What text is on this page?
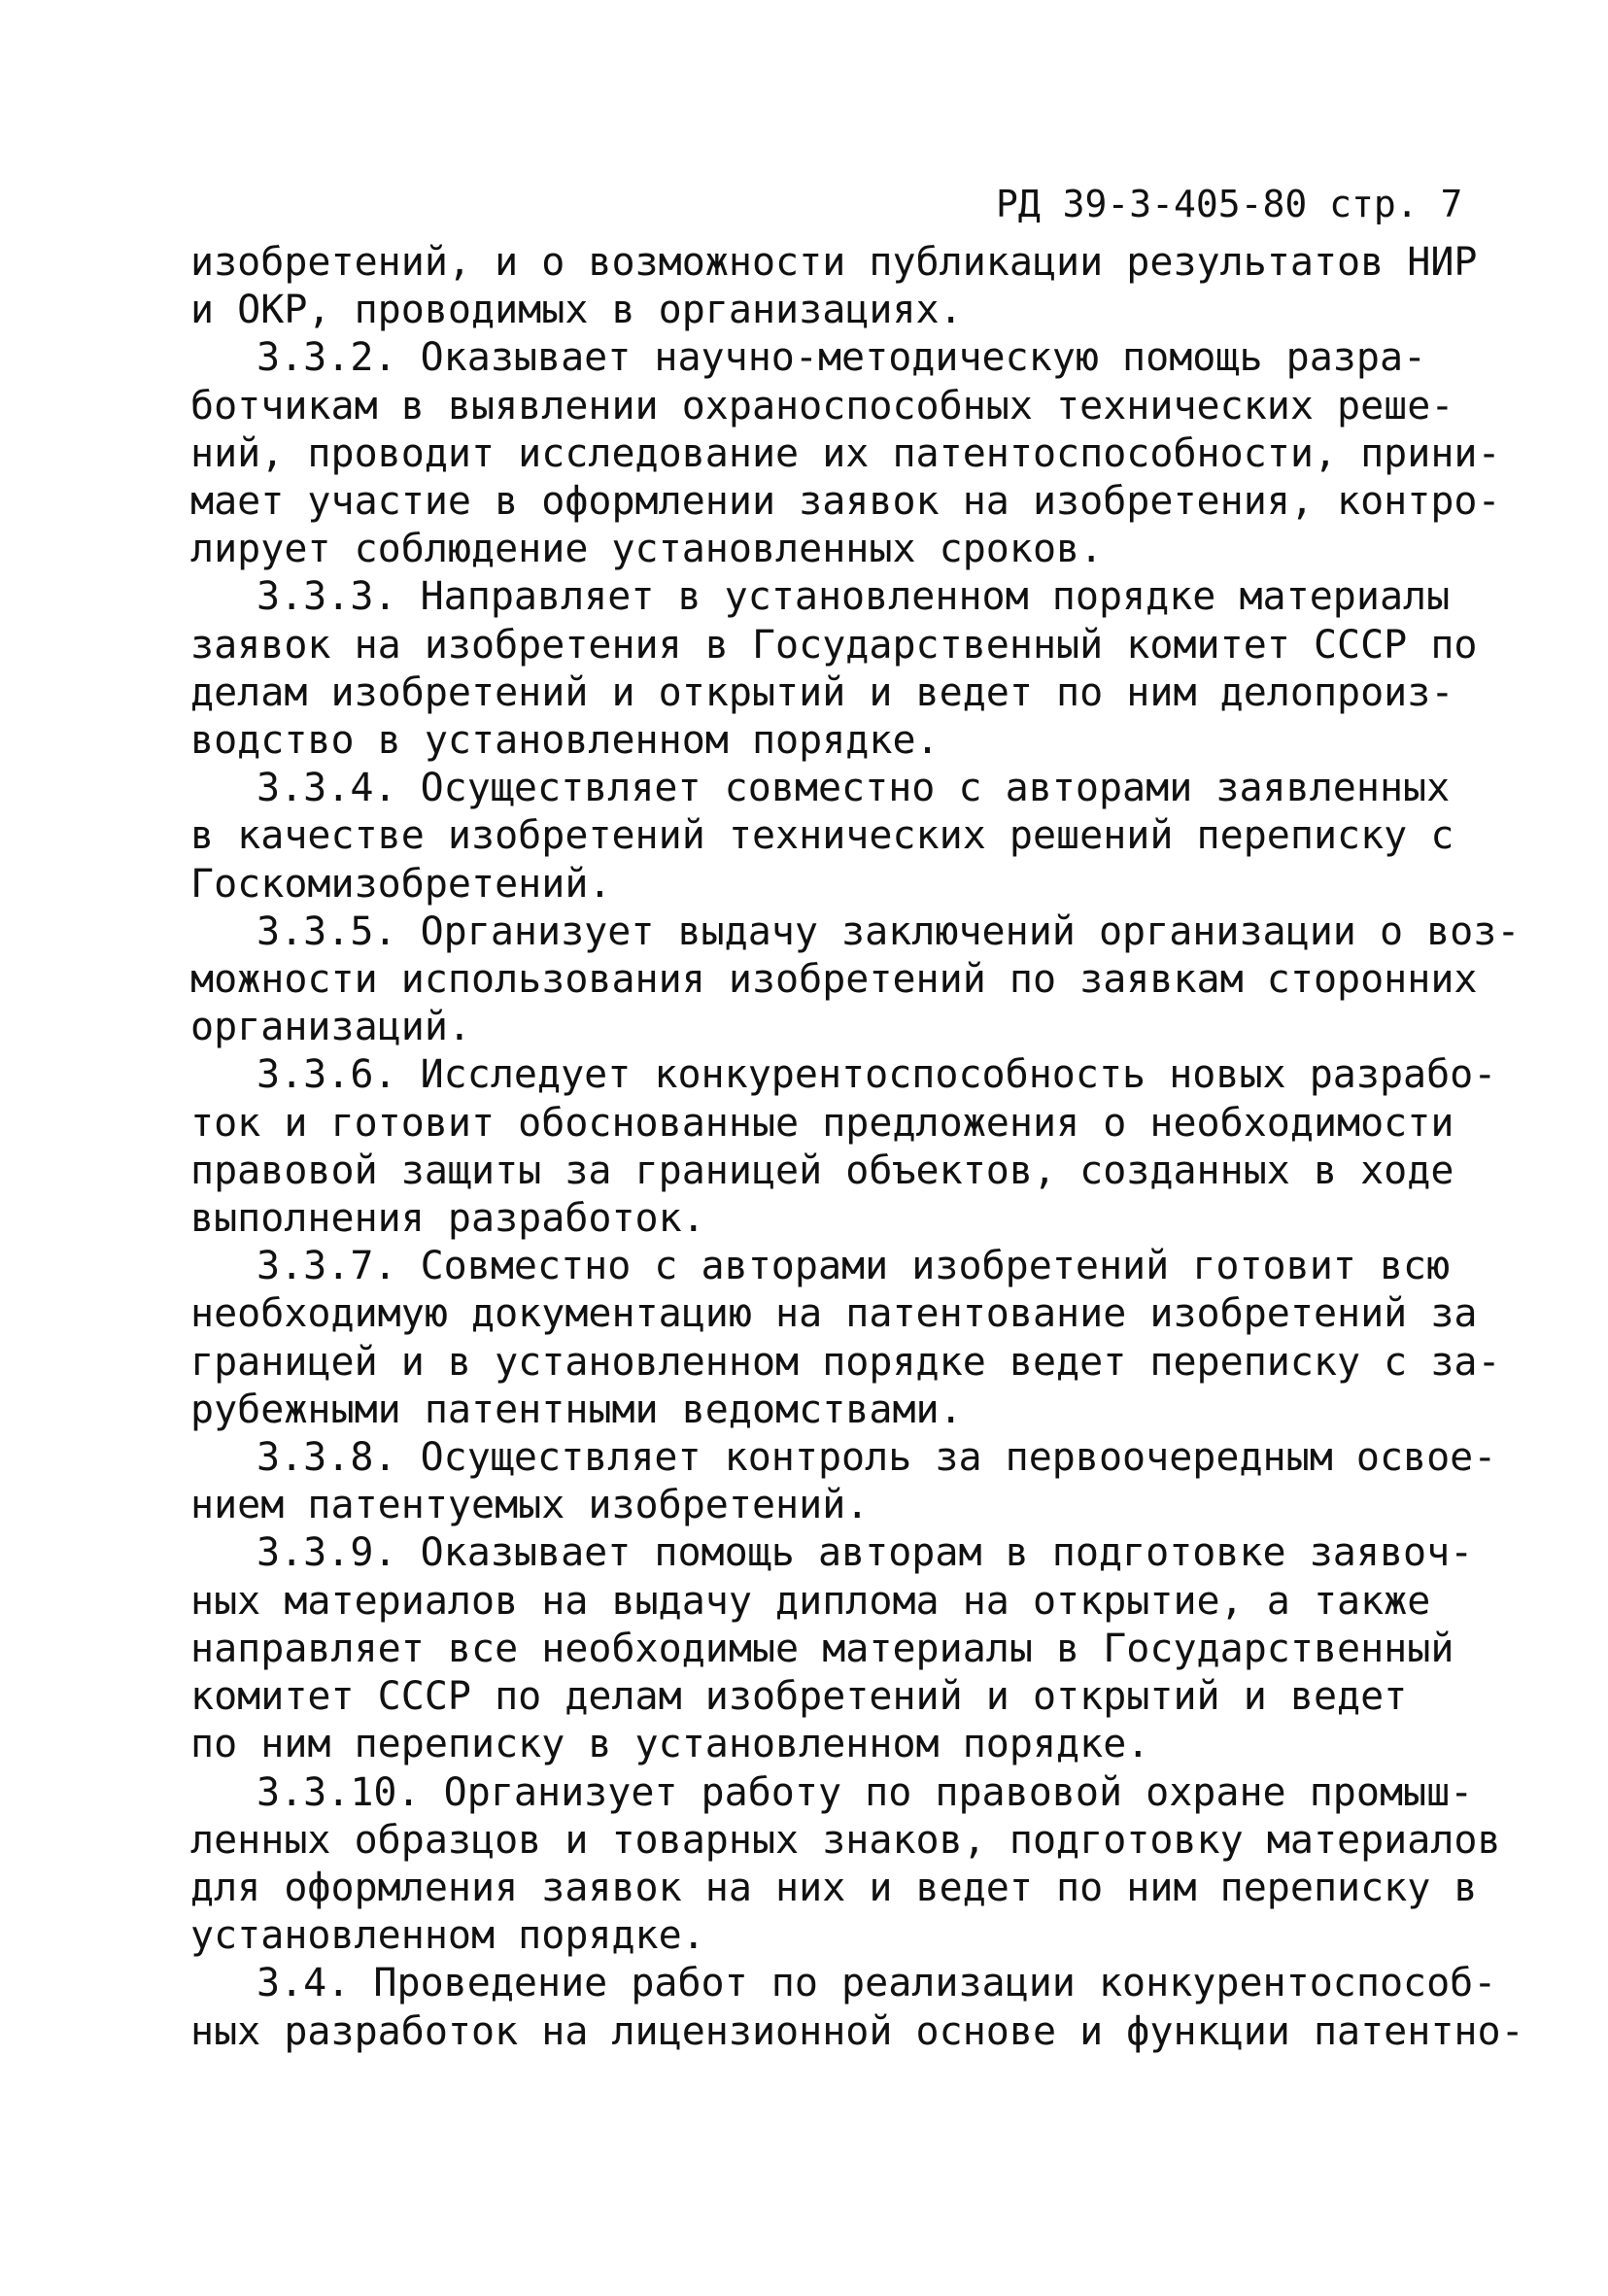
РД 39-3-405-80 стр. 7
изобретений, и о возможности публикации результатов НИР
и ОКР, проводимых в организациях.
3.3.2. Оказывает научно-методическую помощь разра-
ботчикам в выявлении охраноспособных технических реше-
ний, проводит исследование их патентоспособности, прини-
мает участие в оформлении заявок на изобретения, контро-
лирует соблюдение установленных сроков.
3.3.3. Направляет в установленном порядке материалы
заявок на изобретения в Государственный комитет СССР по
делам изобретений и открытий и ведет по ним делопроиз-
водство в установленном порядке.
3.3.4. Осуществляет совместно с авторами заявленных
в качестве изобретений технических решений переписку с
Госкомизобретений.
3.3.5. Организует выдачу заключений организации о воз-
можности использования изобретений по заявкам сторонних
организаций.
3.3.6. Исследует конкурентоспособность новых разрабо-
ток и готовит обоснованные предложения о необходимости
правовой защиты за границей объектов, созданных в ходе
выполнения разработок.
3.3.7. Совместно с авторами изобретений готовит всю
необходимую документацию на патентование изобретений за
границей и в установленном порядке ведет переписку с за-
рубежными патентными ведомствами.
3.3.8. Осуществляет контроль за первоочередным освое-
нием патентуемых изобретений.
3.3.9. Оказывает помощь авторам в подготовке заявоч-
ных материалов на выдачу диплома на открытие, а также
направляет все необходимые материалы в Государственный
комитет СССР по делам изобретений и открытий и ведет
по ним переписку в установленном порядке.
3.3.10. Организует работу по правовой охране промыш-
ленных образцов и товарных знаков, подготовку материалов
для оформления заявок на них и ведет по ним переписку в
установленном порядке.
3.4. Проведение работ по реализации конкурентоспособ-
ных разработок на лицензионной основе и функции патентно-
